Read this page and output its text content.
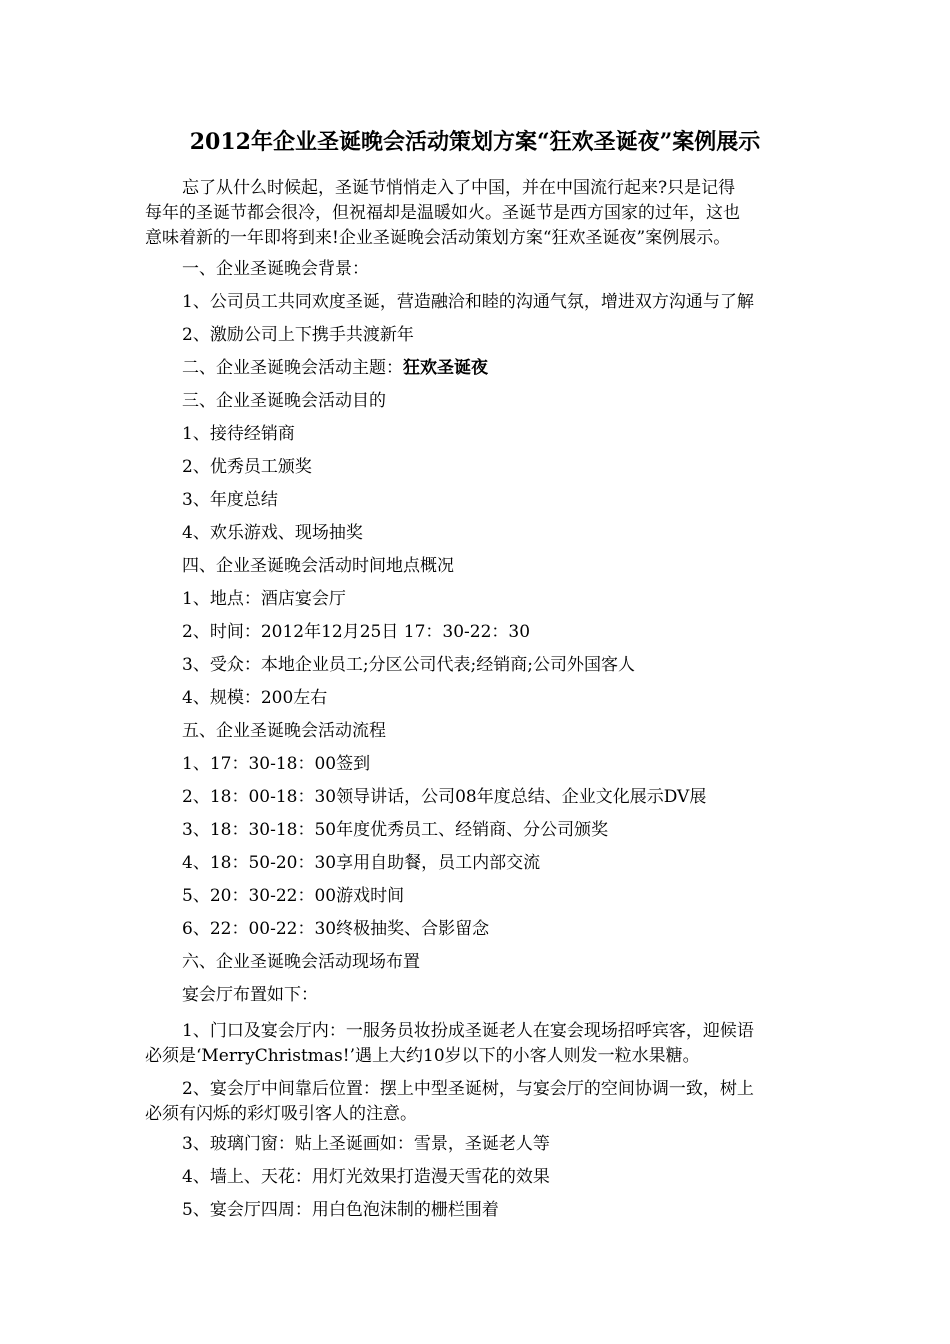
2012年企业圣诞晚会活动策划方案“狂欢圣诞夜”案例展示
忘了从什么时候起，圣诞节悄悄走入了中国，并在中国流行起来?只是记得
每年的圣诞节都会很冷，但祝福却是温暖如火。圣诞节是西方国家的过年，这也
意味着新的一年即将到来!企业圣诞晚会活动策划方案“狂欢圣诞夜”案例展示。
一、企业圣诞晚会背景：
1、公司员工共同欢度圣诞，营造融洽和睦的沟通气氛，增进双方沟通与了解
2、激励公司上下携手共渡新年
二、企业圣诞晚会活动主题：狂欢圣诞夜
三、企业圣诞晚会活动目的
1、接待经销商
2、优秀员工颁奖
3、年度总结
4、欢乐游戏、现场抽奖
四、企业圣诞晚会活动时间地点概况
1、地点：酒店宴会厅
2、时间：2012年12月25日 17：30-22：30
3、受众：本地企业员工;分区公司代表;经销商;公司外国客人
4、规模：200左右
五、企业圣诞晚会活动流程
1、17：30-18：00签到
2、18：00-18：30领导讲话，公司08年度总结、企业文化展示DV展
3、18：30-18：50年度优秀员工、经销商、分公司颁奖
4、18：50-20：30享用自助餐，员工内部交流
5、20：30-22：00游戏时间
6、22：00-22：30终极抽奖、合影留念
六、企业圣诞晚会活动现场布置
宴会厅布置如下：
1、门口及宴会厅内：一服务员妆扮成圣诞老人在宴会现场招呼宾客，迎候语
必须是‘MerryChristmas!’遇上大约10岁以下的小客人则发一粒水果糖。
2、宴会厅中间靠后位置：摆上中型圣诞树，与宴会厅的空间协调一致，树上
必须有闪烁的彩灯吸引客人的注意。
3、玻璃门窗：贴上圣诞画如：雪景，圣诞老人等
4、墙上、天花：用灯光效果打造漫天雪花的效果
5、宴会厅四周：用白色泡沫制的栅栏围着
